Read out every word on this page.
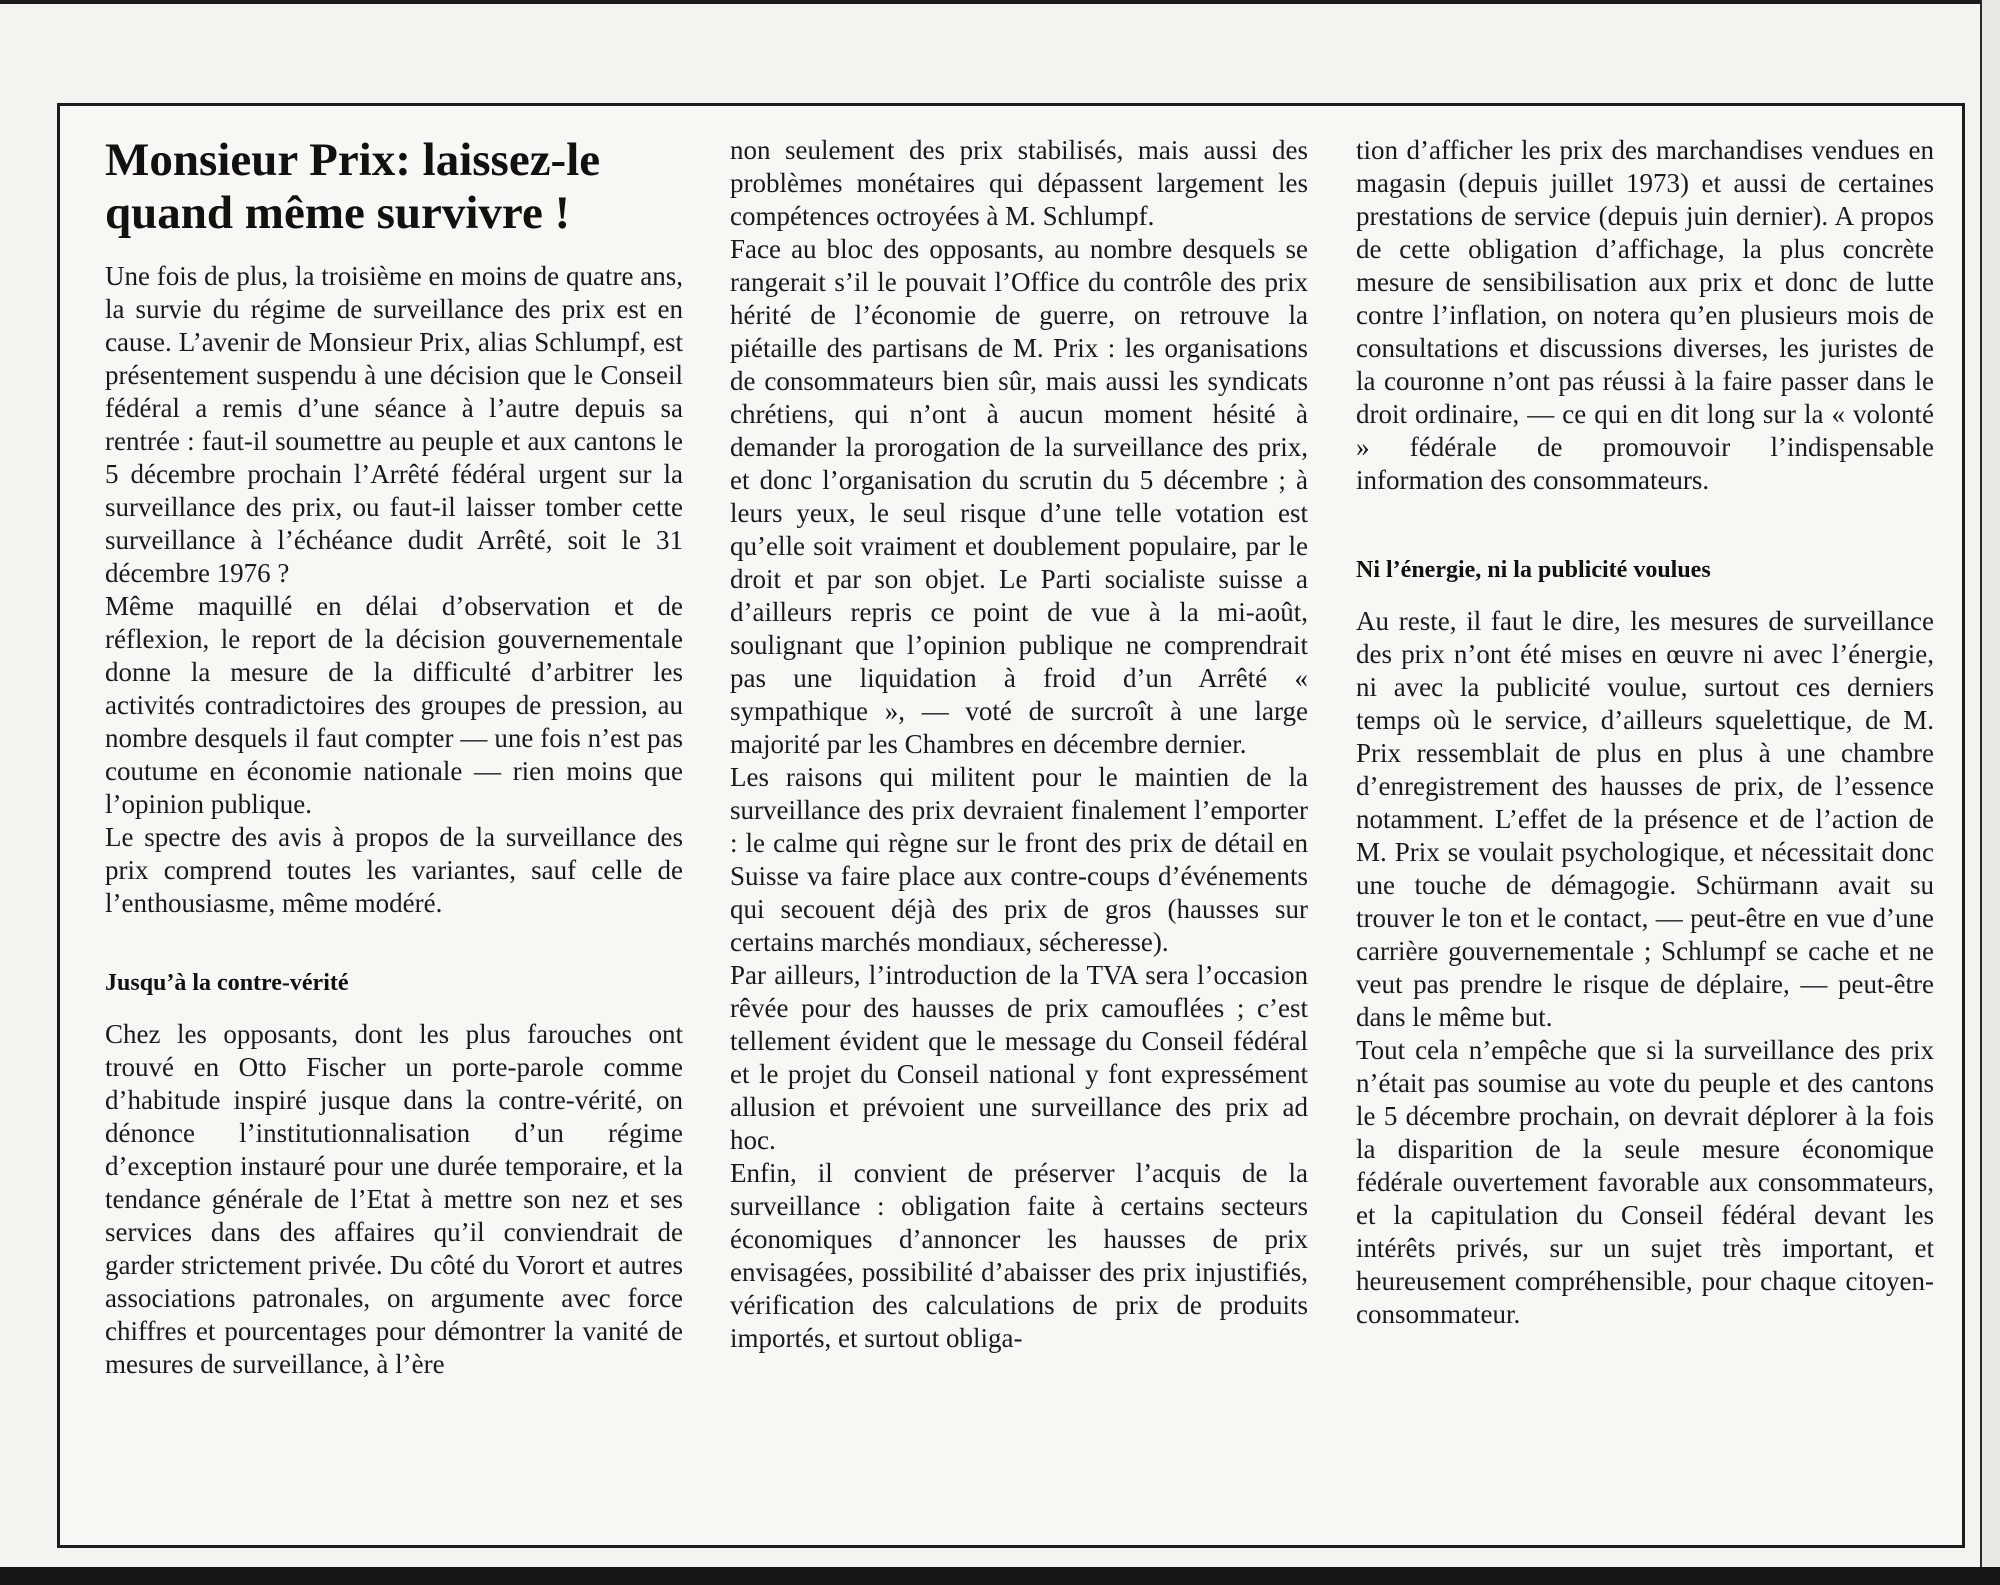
Monsieur Prix: laissez-le quand même survivre !

Une fois de plus, la troisième en moins de quatre ans, la survie du régime de surveillance des prix est en cause. L’avenir de Monsieur Prix, alias Schlumpf, est présentement suspendu à une décision que le Conseil fédéral a remis d’une séance à l’autre depuis sa rentrée : faut-il soumettre au peuple et aux cantons le 5 décembre prochain l’Arrêté fédéral urgent sur la surveillance des prix, ou faut-il laisser tomber cette surveillance à l’échéance dudit Arrêté, soit le 31 décembre 1976 ?

Même maquillé en délai d’observation et de réflexion, le report de la décision gouvernementale donne la mesure de la difficulté d’arbitrer les activités contradictoires des groupes de pression, au nombre desquels il faut compter — une fois n’est pas coutume en économie nationale — rien moins que l’opinion publique.

Le spectre des avis à propos de la surveillance des prix comprend toutes les variantes, sauf celle de l’enthousiasme, même modéré.

Jusqu’à la contre-vérité

Chez les opposants, dont les plus farouches ont trouvé en Otto Fischer un porte-parole comme d’habitude inspiré jusque dans la contre-vérité, on dénonce l’institutionnalisation d’un régime d’exception instauré pour une durée temporaire, et la tendance générale de l’Etat à mettre son nez et ses services dans des affaires qu’il conviendrait de garder strictement privée. Du côté du Vorort et autres associations patronales, on argumente avec force chiffres et pourcentages pour démontrer la vanité de mesures de surveillance, à l’ère

non seulement des prix stabilisés, mais aussi des problèmes monétaires qui dépassent largement les compétences octroyées à M. Schlumpf.

Face au bloc des opposants, au nombre desquels se rangerait s’il le pouvait l’Office du contrôle des prix hérité de l’économie de guerre, on retrouve la piétaille des partisans de M. Prix : les organisations de consommateurs bien sûr, mais aussi les syndicats chrétiens, qui n’ont à aucun moment hésité à demander la prorogation de la surveillance des prix, et donc l’organisation du scrutin du 5 décembre ; à leurs yeux, le seul risque d’une telle votation est qu’elle soit vraiment et doublement populaire, par le droit et par son objet. Le Parti socialiste suisse a d’ailleurs repris ce point de vue à la mi-août, soulignant que l’opinion publique ne comprendrait pas une liquidation à froid d’un Arrêté « sympathique », — voté de surcroît à une large majorité par les Chambres en décembre dernier.

Les raisons qui militent pour le maintien de la surveillance des prix devraient finalement l’emporter : le calme qui règne sur le front des prix de détail en Suisse va faire place aux contre-coups d’événements qui secouent déjà des prix de gros (hausses sur certains marchés mondiaux, sécheresse).

Par ailleurs, l’introduction de la TVA sera l’occasion rêvée pour des hausses de prix camouflées ; c’est tellement évident que le message du Conseil fédéral et le projet du Conseil national y font expressément allusion et prévoient une surveillance des prix ad hoc.

Enfin, il convient de préserver l’acquis de la surveillance : obligation faite à certains secteurs économiques d’annoncer les hausses de prix envisagées, possibilité d’abaisser des prix injustifiés, vérification des calculations de prix de produits importés, et surtout obliga-

tion d’afficher les prix des marchandises vendues en magasin (depuis juillet 1973) et aussi de certaines prestations de service (depuis juin dernier). A propos de cette obligation d’affichage, la plus concrète mesure de sensibilisation aux prix et donc de lutte contre l’inflation, on notera qu’en plusieurs mois de consultations et discussions diverses, les juristes de la couronne n’ont pas réussi à la faire passer dans le droit ordinaire, — ce qui en dit long sur la « volonté » fédérale de promouvoir l’indispensable information des consommateurs.

Ni l’énergie, ni la publicité voulues

Au reste, il faut le dire, les mesures de surveillance des prix n’ont été mises en œuvre ni avec l’énergie, ni avec la publicité voulue, surtout ces derniers temps où le service, d’ailleurs squelettique, de M. Prix ressemblait de plus en plus à une chambre d’enregistrement des hausses de prix, de l’essence notamment. L’effet de la présence et de l’action de M. Prix se voulait psychologique, et nécessitait donc une touche de démagogie. Schürmann avait su trouver le ton et le contact, — peut-être en vue d’une carrière gouvernementale ; Schlumpf se cache et ne veut pas prendre le risque de déplaire, — peut-être dans le même but.

Tout cela n’empêche que si la surveillance des prix n’était pas soumise au vote du peuple et des cantons le 5 décembre prochain, on devrait déplorer à la fois la disparition de la seule mesure économique fédérale ouvertement favorable aux consommateurs, et la capitulation du Conseil fédéral devant les intérêts privés, sur un sujet très important, et heureusement compréhensible, pour chaque citoyen-consommateur.
